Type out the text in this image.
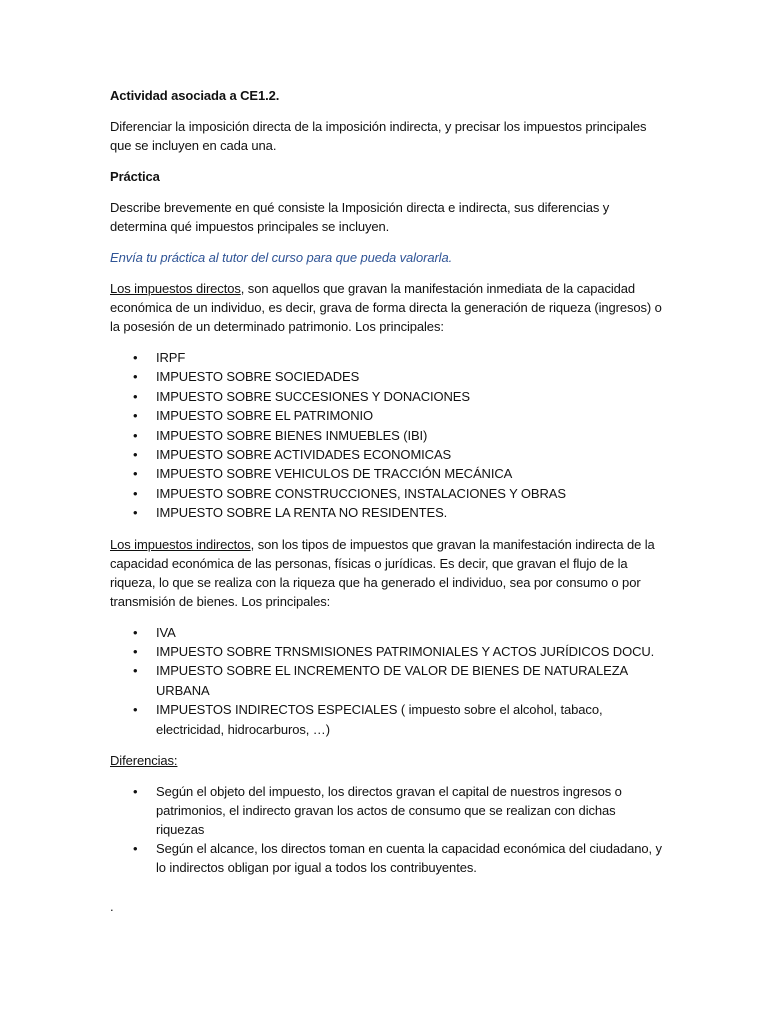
Actividad asociada a CE1.2.

Diferenciar la imposición directa de la imposición indirecta, y precisar los impuestos principales que se incluyen en cada una.

Práctica

Describe brevemente en qué consiste la Imposición directa e indirecta, sus diferencias y determina qué impuestos principales se incluyen.

Envía tu práctica al tutor del curso para que pueda valorarla.

Los impuestos directos, son aquellos que gravan la manifestación inmediata de la capacidad económica de un individuo, es decir, grava de forma directa la generación de riqueza (ingresos) o la posesión de un determinado patrimonio. Los principales:

• IRPF
• IMPUESTO SOBRE SOCIEDADES
• IMPUESTO SOBRE SUCCESIONES Y DONACIONES
• IMPUESTO SOBRE EL PATRIMONIO
• IMPUESTO SOBRE BIENES INMUEBLES (IBI)
• IMPUESTO SOBRE ACTIVIDADES ECONOMICAS
• IMPUESTO SOBRE VEHICULOS DE TRACCIÓN MECÁNICA
• IMPUESTO SOBRE CONSTRUCCIONES, INSTALACIONES Y OBRAS
• IMPUESTO SOBRE LA RENTA NO RESIDENTES.

Los impuestos indirectos, son los tipos de impuestos que gravan la manifestación indirecta de la capacidad económica de las personas, físicas o jurídicas. Es decir, que gravan el flujo de la riqueza, lo que se realiza con la riqueza que ha generado el individuo, sea por consumo o por transmisión de bienes. Los principales:

• IVA
• IMPUESTO SOBRE TRNSMISIONES PATRIMONIALES Y ACTOS JURÍDICOS DOCU.
• IMPUESTO SOBRE EL INCREMENTO DE VALOR DE BIENES DE NATURALEZA URBANA
• IMPUESTOS INDIRECTOS ESPECIALES ( impuesto sobre el alcohol, tabaco, electricidad, hidrocarburos, …)

Diferencias:

• Según el objeto del impuesto, los directos gravan el capital de nuestros ingresos o patrimonios, el indirecto gravan los actos de consumo que se realizan con dichas riquezas
• Según el alcance, los directos toman en cuenta la capacidad económica del ciudadano, y lo indirectos obligan por igual a todos los contribuyentes.
.
